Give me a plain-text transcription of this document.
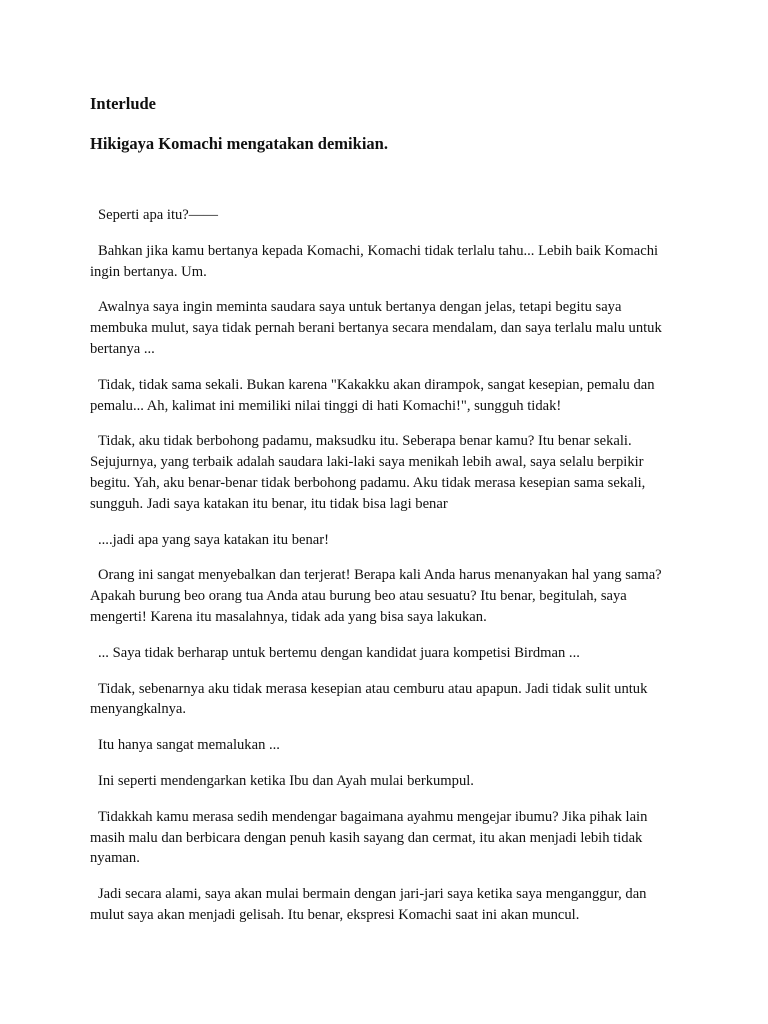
Interlude
Hikigaya Komachi mengatakan demikian.

Seperti apa itu?——

Bahkan jika kamu bertanya kepada Komachi, Komachi tidak terlalu tahu... Lebih baik Komachi ingin bertanya. Um.

Awalnya saya ingin meminta saudara saya untuk bertanya dengan jelas, tetapi begitu saya membuka mulut, saya tidak pernah berani bertanya secara mendalam, dan saya terlalu malu untuk bertanya ...

Tidak, tidak sama sekali. Bukan karena "Kakakku akan dirampok, sangat kesepian, pemalu dan pemalu... Ah, kalimat ini memiliki nilai tinggi di hati Komachi!", sungguh tidak!

Tidak, aku tidak berbohong padamu, maksudku itu. Seberapa benar kamu? Itu benar sekali. Sejujurnya, yang terbaik adalah saudara laki-laki saya menikah lebih awal, saya selalu berpikir begitu. Yah, aku benar-benar tidak berbohong padamu. Aku tidak merasa kesepian sama sekali, sungguh. Jadi saya katakan itu benar, itu tidak bisa lagi benar

....jadi apa yang saya katakan itu benar!

Orang ini sangat menyebalkan dan terjerat! Berapa kali Anda harus menanyakan hal yang sama? Apakah burung beo orang tua Anda atau burung beo atau sesuatu? Itu benar, begitulah, saya mengerti! Karena itu masalahnya, tidak ada yang bisa saya lakukan.

... Saya tidak berharap untuk bertemu dengan kandidat juara kompetisi Birdman ...

Tidak, sebenarnya aku tidak merasa kesepian atau cemburu atau apapun. Jadi tidak sulit untuk menyangkalnya.

Itu hanya sangat memalukan ...

Ini seperti mendengarkan ketika Ibu dan Ayah mulai berkumpul.

Tidakkah kamu merasa sedih mendengar bagaimana ayahmu mengejar ibumu? Jika pihak lain masih malu dan berbicara dengan penuh kasih sayang dan cermat, itu akan menjadi lebih tidak nyaman.

Jadi secara alami, saya akan mulai bermain dengan jari-jari saya ketika saya menganggur, dan mulut saya akan menjadi gelisah. Itu benar, ekspresi Komachi saat ini akan muncul.
